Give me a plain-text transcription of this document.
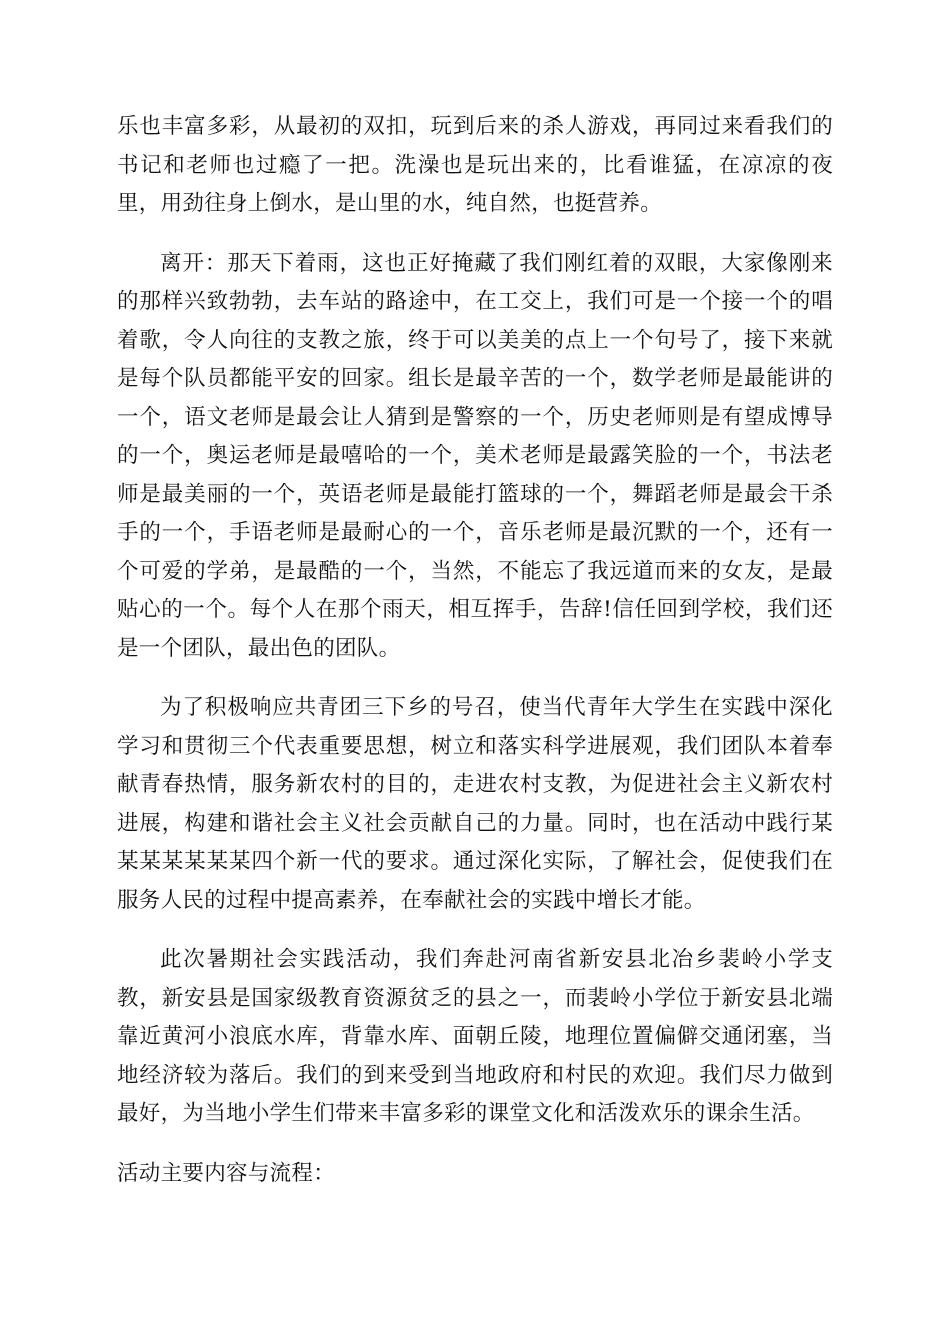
乐也丰富多彩，从最初的双扣，玩到后来的杀人游戏，再同过来看我们的书记和老师也过瘾了一把。洗澡也是玩出来的，比看谁猛，在凉凉的夜里，用劲往身上倒水，是山里的水，纯自然，也挺营养。

离开：那天下着雨，这也正好掩藏了我们刚红着的双眼，大家像刚来的那样兴致勃勃，去车站的路途中，在工交上，我们可是一个接一个的唱着歌，令人向往的支教之旅，终于可以美美的点上一个句号了，接下来就是每个队员都能平安的回家。组长是最辛苦的一个，数学老师是最能讲的一个，语文老师是最会让人猜到是警察的一个，历史老师则是有望成博导的一个，奥运老师是最嘻哈的一个，美术老师是最露笑脸的一个，书法老师是最美丽的一个，英语老师是最能打篮球的一个，舞蹈老师是最会干杀手的一个，手语老师是最耐心的一个，音乐老师是最沉默的一个，还有一个可爱的学弟，是最酷的一个，当然，不能忘了我远道而来的女友，是最贴心的一个。每个人在那个雨天，相互挥手，告辞!信任回到学校，我们还是一个团队，最出色的团队。

为了积极响应共青团三下乡的号召，使当代青年大学生在实践中深化学习和贯彻三个代表重要思想，树立和落实科学进展观，我们团队本着奉献青春热情，服务新农村的目的，走进农村支教，为促进社会主义新农村进展，构建和谐社会主义社会贡献自己的力量。同时，也在活动中践行某某某某某某某四个新一代的要求。通过深化实际，了解社会，促使我们在服务人民的过程中提高素养，在奉献社会的实践中增长才能。

此次暑期社会实践活动，我们奔赴河南省新安县北冶乡裴岭小学支教，新安县是国家级教育资源贫乏的县之一，而裴岭小学位于新安县北端靠近黄河小浪底水库，背靠水库、面朝丘陵，地理位置偏僻交通闭塞，当地经济较为落后。我们的到来受到当地政府和村民的欢迎。我们尽力做到最好，为当地小学生们带来丰富多彩的课堂文化和活泼欢乐的课余生活。

活动主要内容与流程：
